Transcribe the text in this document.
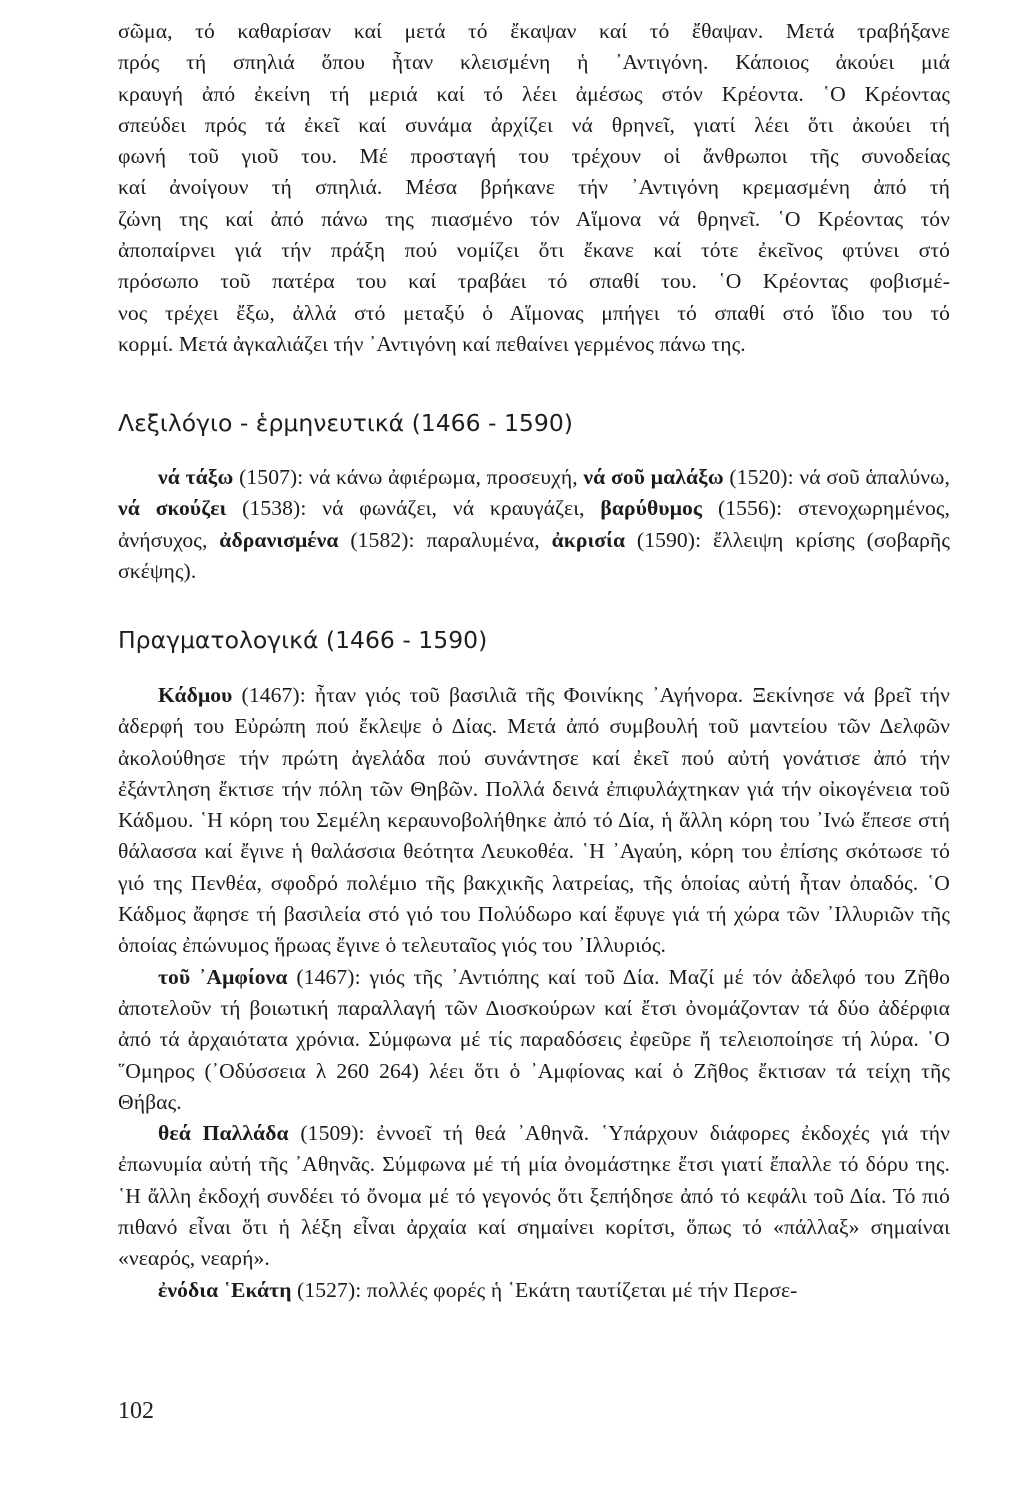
σῶμα, τό καθαρίσαν καί μετά τό ἔκαψαν καί τό ἔθαψαν. Μετά τραβήξανε
πρός τή σπηλιά ὅπου ἦταν κλεισμένη ἡ ᾿Αντιγόνη. Κάποιος ἀκούει μιά
κραυγή ἀπό ἐκείνη τή μεριά καί τό λέει ἀμέσως στόν Κρέοντα. ῾Ο Κρέοντας
σπεύδει πρός τά ἐκεῖ καί συνάμα ἀρχίζει νά θρηνεῖ, γιατί λέει ὅτι ἀκούει τή
φωνή τοῦ γιοῦ του. Μέ προσταγή του τρέχουν οἱ ἄνθρωποι τῆς συνοδείας
καί ἀνοίγουν τή σπηλιά. Μέσα βρήκανε τήν ᾿Αντιγόνη κρεμασμένη ἀπό τή
ζώνη της καί ἀπό πάνω της πιασμένο τόν Αἵμονα νά θρηνεῖ. ῾Ο Κρέοντας τόν
ἀποπαίρνει γιά τήν πράξη πού νομίζει ὅτι ἔκανε καί τότε ἐκεῖνος φτύνει στό
πρόσωπο τοῦ πατέρα του καί τραβάει τό σπαθί του. ῾Ο Κρέοντας φοβισμέ-
νος τρέχει ἔξω, ἀλλά στό μεταξύ ὁ Αἵμονας μπήγει τό σπαθί στό ἴδιο του τό
κορμί. Μετά ἀγκαλιάζει τήν ᾿Αντιγόνη καί πεθαίνει γερμένος πάνω της.
Λεξιλόγιο - ἑρμηνευτικά (1466 - 1590)

νά τάξω (1507): νά κάνω ἀφιέρωμα, προσευχή, νά σοῦ μαλάξω (1520): νά σοῦ ἁπαλύνω, νά σκούζει (1538): νά φωνάζει, νά κραυγάζει, βαρύθυμος (1556): στενοχωρημένος, ἀνήσυχος, ἀδρανισμένα (1582): παραλυμένα, ἀκρισία (1590): ἔλλειψη κρίσης (σοβαρῆς σκέψης).

Πραγματολογικά (1466 - 1590)

Κάδμου (1467): ἦταν γιός τοῦ βασιλιᾶ τῆς Φοινίκης ᾿Αγήνορα. Ξεκίνησε νά βρεῖ τήν ἀδερφή του Εὐρώπη πού ἔκλεψε ὁ Δίας. Μετά ἀπό συμβουλή τοῦ μαντείου τῶν Δελφῶν ἀκολούθησε τήν πρώτη ἀγελάδα πού συνάντησε καί ἐκεῖ πού αὐτή γονάτισε ἀπό τήν ἐξάντληση ἔκτισε τήν πόλη τῶν Θηβῶν. Πολλά δεινά ἐπιφυλάχτηκαν γιά τήν οἰκογένεια τοῦ Κάδμου. ῾Η κόρη του Σεμέλη κεραυνοβολήθηκε ἀπό τό Δία, ἡ ἄλλη κόρη του ᾿Ινώ ἔπεσε στή θάλασσα καί ἔγινε ἡ θαλάσσια θεότητα Λευκοθέα. ῾Η ᾿Αγαύη, κόρη του ἐπίσης σκότωσε τό γιό της Πενθέα, σφοδρό πολέμιο τῆς βακχικῆς λατρείας, τῆς ὁποίας αὐτή ἦταν ὀπαδός. ῾Ο Κάδμος ἄφησε τή βασιλεία στό γιό του Πολύδωρο καί ἔφυγε γιά τή χώρα τῶν ᾿Ιλλυριῶν τῆς ὁποίας ἐπώνυμος ἥρωας ἔγινε ὁ τελευταῖος γιός του ᾿Ιλλυριός.

τοῦ ᾿Αμφίονα (1467): γιός τῆς ᾿Αντιόπης καί τοῦ Δία. Μαζί μέ τόν ἀδελφό του Ζῆθο ἀποτελοῦν τή βοιωτική παραλλαγή τῶν Διοσκούρων καί ἔτσι ὀνομάζονταν τά δύο ἀδέρφια ἀπό τά ἀρχαιότατα χρόνια. Σύμφωνα μέ τίς παραδόσεις ἐφεῦρε ἤ τελειοποίησε τή λύρα. ῾Ο ῞Ομηρος (᾿Οδύσσεια λ 260 264) λέει ὅτι ὁ ᾿Αμφίονας καί ὁ Ζῆθος ἔκτισαν τά τείχη τῆς Θήβας.

θεά Παλλάδα (1509): ἐννοεῖ τή θεά ᾿Αθηνᾶ. ῾Υπάρχουν διάφορες ἐκδοχές γιά τήν ἐπωνυμία αὐτή τῆς ᾿Αθηνᾶς. Σύμφωνα μέ τή μία ὀνομάστηκε ἔτσι γιατί ἔπαλλε τό δόρυ της. ῾Η ἄλλη ἐκδοχή συνδέει τό ὄνομα μέ τό γεγονός ὅτι ξεπήδησε ἀπό τό κεφάλι τοῦ Δία. Τό πιό πιθανό εἶναι ὅτι ἡ λέξη εἶναι ἀρχαία καί σημαίνει κορίτσι, ὅπως τό «πάλλαξ» σημαίναι «νεαρός, νεαρή».

ἐνόδια ῾Εκάτη (1527): πολλές φορές ἡ ῾Εκάτη ταυτίζεται μέ τήν Περσε-

102
